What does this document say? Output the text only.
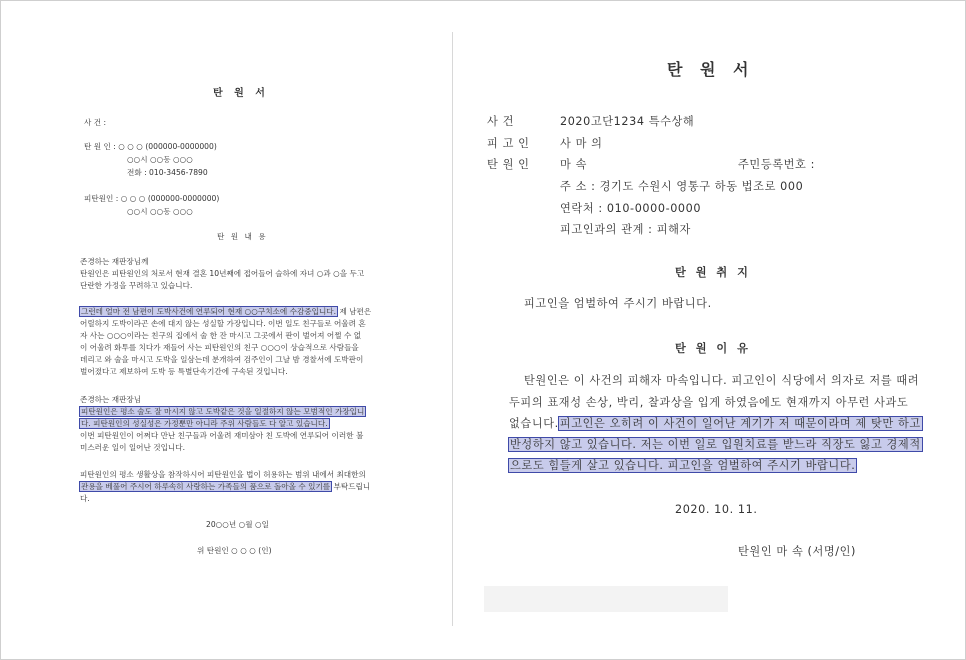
탄 원 서
사 건 :
탄 원 인 : ○ ○ ○ (000000-0000000)
○○시 ○○동 ○○○
전화 : 010-3456-7890
피탄원인 : ○ ○ ○ (000000-0000000)
○○시 ○○동 ○○○
탄 원 내 용
존경하는 재판장님께
탄원인은 피탄원인의 처로서 현재 결혼 10년째에 접어들어 슬하에 자녀 ○과 ○을 두고
단란한 가정을 꾸려하고 있습니다.
그런데 얼마 전 남편이 도박사건에 연루되어 현재 ○○구치소에 수감중입니다. 제 남편은
어릴하지 도박이라곤 손에 대지 않는 성실할 가장입니다. 이번 일도 친구들로 어울려 혼
자 사는 ○○○이라는 친구의 집에서 술 한 잔 마시고 그곳에서 판이 벌어져 어쩔 수 없
이 어울려 화투를 치다가 재들어 사는 피탄원인의 친구 ○○○이 상습적으로 사람들을
데리고 와 술을 마시고 도박을 일삼는데 분개하여 검주인이 그날 밤 경찰서에 도박판이
벌어졌다고 제보하여 도박 등 특별단속기간에 구속된 것입니다.
존경하는 재판장님
피탄원인은 평소 술도 잘 마시지 않고 도박같은 것을 일절하지 않는 모범적인 가장입니
다. 피탄원인의 성실성은 가정뿐만 아니라 주위 사람들도 다 알고 있습니다.
이번 피탄원인이 어쩌다 만난 친구들과 어울려 재미삼아 친 도박에 연루되어 이러한 불
미스러운 일이 일어난 것입니다.
피탄원인의 평소 생활상을 참작하시어 피탄원인을 법이 허용하는 범위 내에서 최대한의
관용을 베풀어 주시어 하루속히 사랑하는 가족들의 품으로 돌아올 수 있기를 부탁드립니
다.
20○○년 ○월 ○일
위 탄원인 ○ ○ ○ (인)
탄 원 서
사 건	2020고단1234 특수상해
피 고 인	사 마 의
탄 원 인	마 속	주민등록번호 :
주 소 : 경기도 수원시 영통구 하동 법조로 000
연락처 : 010-0000-0000
피고인과의 관계 : 피해자
탄 원 취 지
피고인을 엄벌하여 주시기 바랍니다.
탄 원 이 유
탄원인은 이 사건의 피해자 마속입니다. 피고인이 식당에서 의자로 저를 때려
두피의 표재성 손상, 박리, 찰과상을 입게 하였음에도 현재까지 아무런 사과도
없습니다.피고인은 오히려 이 사건이 일어난 계기가 저 때문이라며 제 탓만 하고
반성하지 않고 있습니다. 저는 이번 일로 입원치료를 받느라 직장도 잃고 경제적
으로도 힘들게 살고 있습니다. 피고인을 엄벌하여 주시기 바랍니다.
2020. 10. 11.
탄원인 마 속 (서명/인)
